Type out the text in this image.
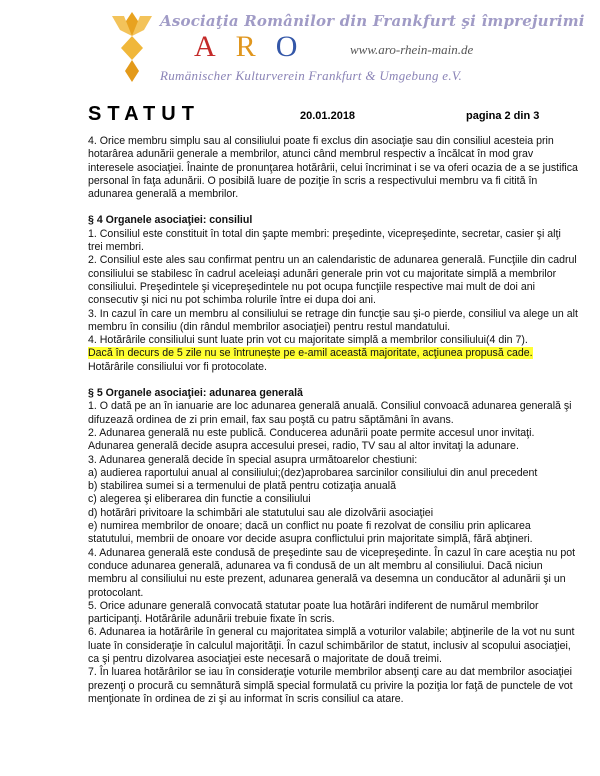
Asociaţia Românilor din Frankfurt şi împrejurimi
A R O	www.aro-rhein-main.de
Rumänischer Kulturverein Frankfurt & Umgebung e.V.
STATUT	20.01.2018	pagina 2 din 3

4. Orice membru simplu sau al consiliului poate fi exclus din asociaţie sau din consiliul acesteia prin hotarârea adunării generale a membrilor, atunci când membrul respectiv a încălcat în mod grav interesele asociaţiei. Înainte de pronunţarea hotărârii, celui încriminat i se va oferi ocazia de a se justifica personal în faţa adunării. O posibilă luare de poziţie în scris a respectivului membru va fi citită în adunarea generală a membrilor.

§ 4 Organele asociaţiei: consiliul

1. Consiliul este constituit în total din şapte membri: preşedinte, vicepreşedinte, secretar, casier şi alţi trei membri.

2. Consiliul este ales sau confirmat pentru un an calendaristic de adunarea generală. Funcţiile din cadrul consiliului se stabilesc în cadrul aceleiaşi adunări generale prin vot cu majoritate simplă a membrilor consiliului. Preşedintele şi vicepreşedintele nu pot ocupa funcţiile respective mai mult de doi ani consecutiv şi nici nu pot schimba rolurile între ei dupa doi ani.

3. In cazul în care un membru al consiliului se retrage din funcţie sau şi-o pierde, consiliul va alege un alt membru în consiliu (din rândul membrilor asociaţiei) pentru restul mandatului.

4. Hotărârile consiliului sunt luate prin vot cu majoritate simplă a membrilor consiliului(4 din 7).

Dacă în decurs de 5 zile nu se întrunește pe e-amil această majoritate, acţiunea propusă cade.

Hotărârile consiliului vor fi protocolate.

§ 5 Organele asociaţiei: adunarea generală

1. O dată pe an în ianuarie are loc adunarea generală anuală. Consiliul convoacă adunarea generală şi difuzează ordinea de zi prin email, fax sau poştă cu patru săptămâni în avans.

2. Adunarea generală nu este publică. Conducerea adunării poate permite accesul unor invitaţi. Adunarea generală decide asupra accesului presei, radio, TV sau al altor invitaţi la adunare.

3. Adunarea generală decide în special asupra următoarelor chestiuni:

a) audierea raportului anual al consiliului;(dez)aprobarea sarcinilor consiliului din anul precedent

b) stabilirea sumei si a termenului de plată pentru cotizaţia anuală

c) alegerea şi eliberarea din functie a consiliului

d) hotărâri privitoare la schimbări ale statutului sau ale dizolvării asociaţiei

e) numirea membrilor de onoare; dacă un conflict nu poate fi rezolvat de consiliu prin aplicarea statutului, membrii de onoare vor decide asupra conflictului prin majoritate simplă, fără abţineri.

4. Adunarea generală este condusă de preşedinte sau de vicepreşedinte. În cazul în care aceştia nu pot conduce adunarea generală, adunarea va fi condusă de un alt membru al consiliului. Dacă niciun membru al consiliului nu este prezent, adunarea generală va desemna un conducător al adunării şi un protocolant.

5. Orice adunare generală convocată statutar poate lua hotărâri indiferent de numărul membrilor participanţi. Hotărârile adunării trebuie fixate în scris.

6. Adunarea ia hotărârile în general cu majoritatea simplă a voturilor valabile; abţinerile de la vot nu sunt luate în consideraţie în calculul majorităţii. În cazul schimbărilor de statut, inclusiv al scopului asociaţiei, ca şi pentru dizolvarea asociaţiei este necesară o majoritate de două treimi.

7. În luarea hotărârilor se iau în consideraţie voturile membrilor absenţi care au dat membrilor asociaţiei prezenţi o procură cu semnătură simplă special formulată cu privire la poziţia lor faţă de punctele de vot menţionate în ordinea de zi şi au informat în scris consiliul ca atare.
